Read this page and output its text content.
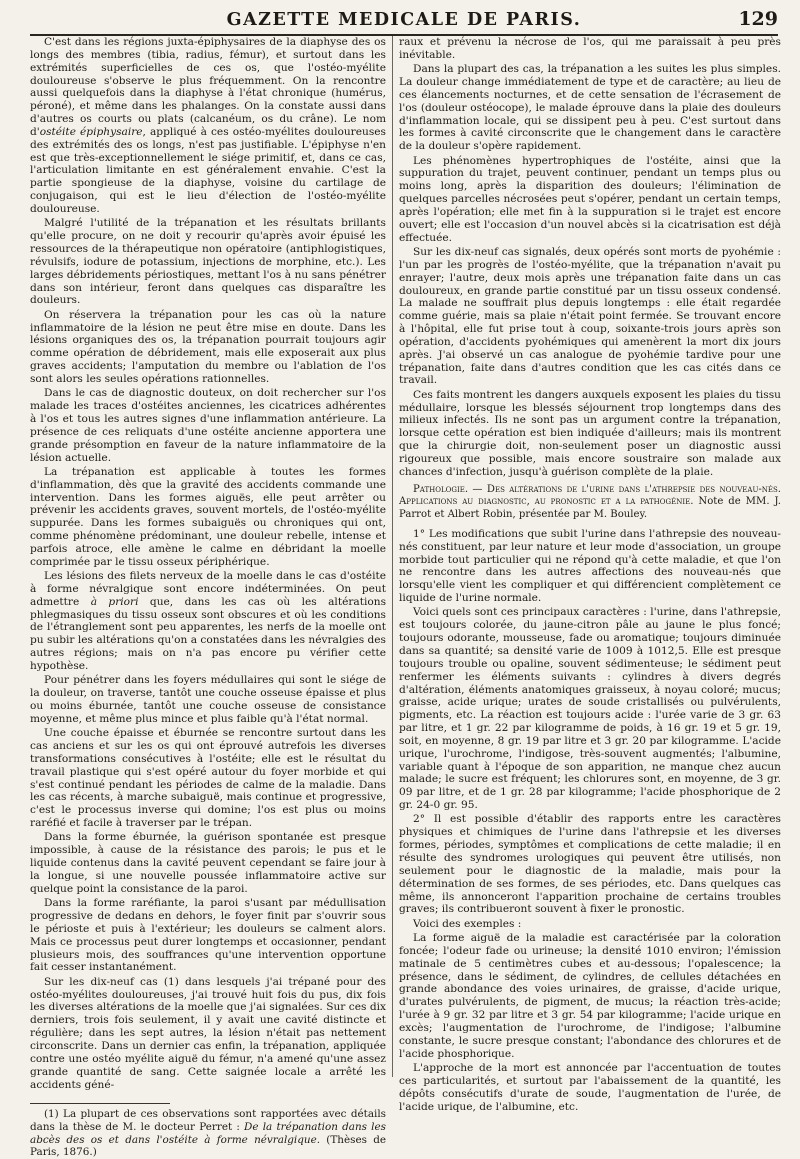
GAZETTE MEDICALE DE PARIS.	129

C'est dans les régions juxta-épiphysaires de la diaphyse des os longs des membres (tibia, radius, fémur), et surtout dans les extrémités superficielles de ces os, que l'ostéo-myélite douloureuse s'observe le plus fréquemment. On la rencontre aussi quelquefois dans la diaphyse à l'état chronique (humérus, péroné), et même dans les phalanges. On la constate aussi dans d'autres os courts ou plats (calcanéum, os du crâne). Le nom d'ostéite épiphysaire, appliqué à ces ostéo-myélites douloureuses des extrémités des os longs, n'est pas justifiable. L'épiphyse n'en est que très-exceptionnellement le siége primitif, et, dans ce cas, l'articulation limitante en est généralement envahie. C'est la partie spongieuse de la diaphyse, voisine du cartilage de conjugaison, qui est le lieu d'élection de l'ostéo-myélite douloureuse.

Malgré l'utilité de la trépanation et les résultats brillants qu'elle procure, on ne doit y recourir qu'après avoir épuisé les ressources de la thérapeutique non opératoire (antiphlogistiques, révulsifs, iodure de potassium, injections de morphine, etc.). Les larges débridements périostiques, mettant l'os à nu sans pénétrer dans son intérieur, feront dans quelques cas disparaître les douleurs.

On réservera la trépanation pour les cas où la nature inflammatoire de la lésion ne peut être mise en doute. Dans les lésions organiques des os, la trépanation pourrait toujours agir comme opération de débridement, mais elle exposerait aux plus graves accidents; l'amputation du membre ou l'ablation de l'os sont alors les seules opérations rationnelles.

Dans le cas de diagnostic douteux, on doit rechercher sur l'os malade les traces d'ostéites anciennes, les cicatrices adhérentes à l'os et tous les autres signes d'une inflammation antérieure. La présence de ces reliquats d'une ostéite ancienne apportera une grande présomption en faveur de la nature inflammatoire de la lésion actuelle.

La trépanation est applicable à toutes les formes d'inflammation, dès que la gravité des accidents commande une intervention. Dans les formes aiguës, elle peut arrêter ou prévenir les accidents graves, souvent mortels, de l'ostéo-myélite suppurée. Dans les formes subaiguës ou chroniques qui ont, comme phénomène prédominant, une douleur rebelle, intense et parfois atroce, elle amène le calme en débridant la moelle comprimée par le tissu osseux périphérique.

Les lésions des filets nerveux de la moelle dans le cas d'ostéite à forme névralgique sont encore indéterminées. On peut admettre à priori que, dans les cas où les altérations phlegmasiques du tissu osseux sont obscures et où les conditions de l'étranglement sont peu apparentes, les nerfs de la moelle ont pu subir les altérations qu'on a constatées dans les névralgies des autres régions; mais on n'a pas encore pu vérifier cette hypothèse.

Pour pénétrer dans les foyers médullaires qui sont le siége de la douleur, on traverse, tantôt une couche osseuse épaisse et plus ou moins éburnée, tantôt une couche osseuse de consistance moyenne, et même plus mince et plus faible qu'à l'état normal.

Une couche épaisse et éburnée se rencontre surtout dans les cas anciens et sur les os qui ont éprouvé autrefois les diverses transformations consécutives à l'ostéite; elle est le résultat du travail plastique qui s'est opéré autour du foyer morbide et qui s'est continué pendant les périodes de calme de la maladie. Dans les cas récents, à marche subaiguë, mais continue et progressive, c'est le processus inverse qui domine; l'os est plus ou moins raréfié et facile à traverser par le trépan.

Dans la forme éburnée, la guérison spontanée est presque impossible, à cause de la résistance des parois; le pus et le liquide contenus dans la cavité peuvent cependant se faire jour à la longue, si une nouvelle poussée inflammatoire active sur quelque point la consistance de la paroi.

Dans la forme raréfiante, la paroi s'usant par médullisation progressive de dedans en dehors, le foyer finit par s'ouvrir sous le périoste et puis à l'extérieur; les douleurs se calment alors. Mais ce processus peut durer longtemps et occasionner, pendant plusieurs mois, des souffrances qu'une intervention opportune fait cesser instantanément.

Sur les dix-neuf cas (1) dans lesquels j'ai trépané pour des ostéo-myélites douloureuses, j'ai trouvé huit fois du pus, dix fois les diverses altérations de la moelle que j'ai signalées. Sur ces dix derniers, trois fois seulement, il y avait une cavité distincte et régulière; dans les sept autres, la lésion n'était pas nettement circonscrite. Dans un dernier cas enfin, la trépanation, appliquée contre une ostéo myélite aiguë du fémur, n'a amené qu'une assez grande quantité de sang. Cette saignée locale a arrêté les accidents géné-

(1) La plupart de ces observations sont rapportées avec détails dans la thèse de M. le docteur Perret : De la trépanation dans les abcès des os et dans l'ostéite à forme névralgique. (Thèses de Paris, 1876.)

raux et prévenu la nécrose de l'os, qui me paraissait à peu près inévitable.

Dans la plupart des cas, la trépanation a les suites les plus simples. La douleur change immédiatement de type et de caractère; au lieu de ces élancements nocturnes, et de cette sensation de l'écrasement de l'os (douleur ostéocope), le malade éprouve dans la plaie des douleurs d'inflammation locale, qui se dissipent peu à peu. C'est surtout dans les formes à cavité circonscrite que le changement dans le caractère de la douleur s'opère rapidement.

Les phénomènes hypertrophiques de l'ostéite, ainsi que la suppuration du trajet, peuvent continuer, pendant un temps plus ou moins long, après la disparition des douleurs; l'élimination de quelques parcelles nécrosées peut s'opérer, pendant un certain temps, après l'opération; elle met fin à la suppuration si le trajet est encore ouvert; elle est l'occasion d'un nouvel abcès si la cicatrisation est déjà effectuée.

Sur les dix-neuf cas signalés, deux opérés sont morts de pyohémie : l'un par les progrès de l'ostéo-myélite, que la trépanation n'avait pu enrayer; l'autre, deux mois après une trépanation faite dans un cas douloureux, en grande partie constitué par un tissu osseux condensé. La malade ne souffrait plus depuis longtemps : elle était regardée comme guérie, mais sa plaie n'était point fermée. Se trouvant encore à l'hôpital, elle fut prise tout à coup, soixante-trois jours après son opération, d'accidents pyohémiques qui amenèrent la mort dix jours après. J'ai observé un cas analogue de pyohémie tardive pour une trépanation, faite dans d'autres condition que les cas cités dans ce travail.

Ces faits montrent les dangers auxquels exposent les plaies du tissu médullaire, lorsque les blessés séjournent trop longtemps dans des milieux infectés. Ils ne sont pas un argument contre la trépanation, lorsque cette opération est bien indiquée d'ailleurs; mais ils montrent que la chirurgie doit, non-seulement poser un diagnostic aussi rigoureux que possible, mais encore soustraire son malade aux chances d'infection, jusqu'à guérison complète de la plaie.

Pathologie. — Des altérations de l'urine dans l'athrepsie des nouveau-nés. Applications au diagnostic, au pronostic et a la pathogénie. Note de MM. J. Parrot et Albert Robin, présentée par M. Bouley.

1° Les modifications que subit l'urine dans l'athrepsie des nouveau-nés constituent, par leur nature et leur mode d'association, un groupe morbide tout particulier qui ne répond qu'à cette maladie, et que l'on ne rencontre dans les autres affections des nouveau-nés que lorsqu'elle vient les compliquer et qui différencient complètement ce liquide de l'urine normale.

Voici quels sont ces principaux caractères : l'urine, dans l'athrepsie, est toujours colorée, du jaune-citron pâle au jaune le plus foncé; toujours odorante, mousseuse, fade ou aromatique; toujours diminuée dans sa quantité; sa densité varie de 1009 à 1012,5. Elle est presque toujours trouble ou opaline, souvent sédimenteuse; le sédiment peut renfermer les éléments suivants : cylindres à divers degrés d'altération, éléments anatomiques graisseux, à noyau coloré; mucus; graisse, acide urique; urates de soude cristallisés ou pulvérulents, pigments, etc. La réaction est toujours acide : l'urée varie de 3 gr. 63 par litre, et 1 gr. 22 par kilogramme de poids, à 16 gr. 19 et 5 gr. 19, soit, en moyenne, 8 gr. 19 par litre et 3 gr. 20 par kilogramme. L'acide urique, l'urochrome, l'indigose, très-souvent augmentés; l'albumine, variable quant à l'époque de son apparition, ne manque chez aucun malade; le sucre est fréquent; les chlorures sont, en moyenne, de 3 gr. 09 par litre, et de 1 gr. 28 par kilogramme; l'acide phosphorique de 2 gr. 24-0 gr. 95.

2° Il est possible d'établir des rapports entre les caractères physiques et chimiques de l'urine dans l'athrepsie et les diverses formes, périodes, symptômes et complications de cette maladie; il en résulte des syndromes urologiques qui peuvent être utilisés, non seulement pour le diagnostic de la maladie, mais pour la détermination de ses formes, de ses périodes, etc. Dans quelques cas même, ils annonceront l'apparition prochaine de certains troubles graves; ils contribueront souvent à fixer le pronostic.

Voici des exemples :

La forme aiguë de la maladie est caractérisée par la coloration foncée; l'odeur fade ou urineuse; la densité 1010 environ; l'émission matinale de 5 centimètres cubes et au-dessous; l'opalescence; la présence, dans le sédiment, de cylindres, de cellules détachées en grande abondance des voies urinaires, de graisse, d'acide urique, d'urates pulvérulents, de pigment, de mucus; la réaction très-acide; l'urée à 9 gr. 32 par litre et 3 gr. 54 par kilogramme; l'acide urique en excès; l'augmentation de l'urochrome, de l'indigose; l'albumine constante, le sucre presque constant; l'abondance des chlorures et de l'acide phosphorique.

L'approche de la mort est annoncée par l'accentuation de toutes ces particularités, et surtout par l'abaissement de la quantité, les dépôts consécutifs d'urate de soude, l'augmentation de l'urée, de l'acide urique, de l'albumine, etc.
